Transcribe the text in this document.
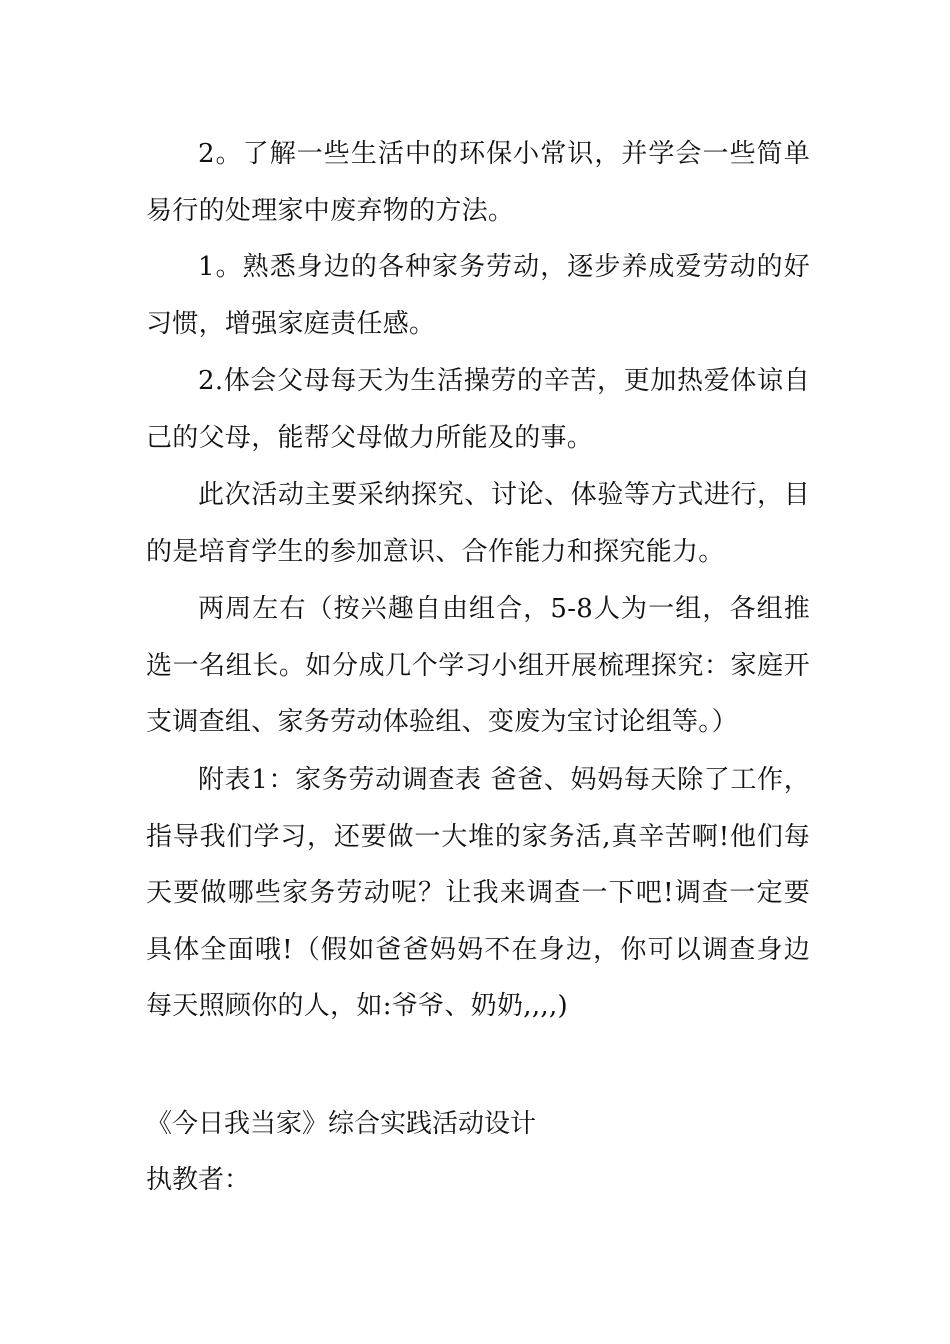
2。了解一些生活中的环保小常识，并学会一些简单易行的处理家中废弃物的方法。

1。熟悉身边的各种家务劳动，逐步养成爱劳动的好习惯，增强家庭责任感。

2.体会父母每天为生活操劳的辛苦，更加热爱体谅自己的父母，能帮父母做力所能及的事。

此次活动主要采纳探究、讨论、体验等方式进行，目的是培育学生的参加意识、合作能力和探究能力。

两周左右（按兴趣自由组合，5-8人为一组，各组推选一名组长。如分成几个学习小组开展梳理探究：家庭开支调查组、家务劳动体验组、变废为宝讨论组等。）

附表1：家务劳动调查表 爸爸、妈妈每天除了工作，指导我们学习，还要做一大堆的家务活,真辛苦啊!他们每天要做哪些家务劳动呢？让我来调查一下吧!调查一定要具体全面哦!（假如爸爸妈妈不在身边，你可以调查身边每天照顾你的人，如:爷爷、奶奶,,,,)

《今日我当家》综合实践活动设计

执教者：
